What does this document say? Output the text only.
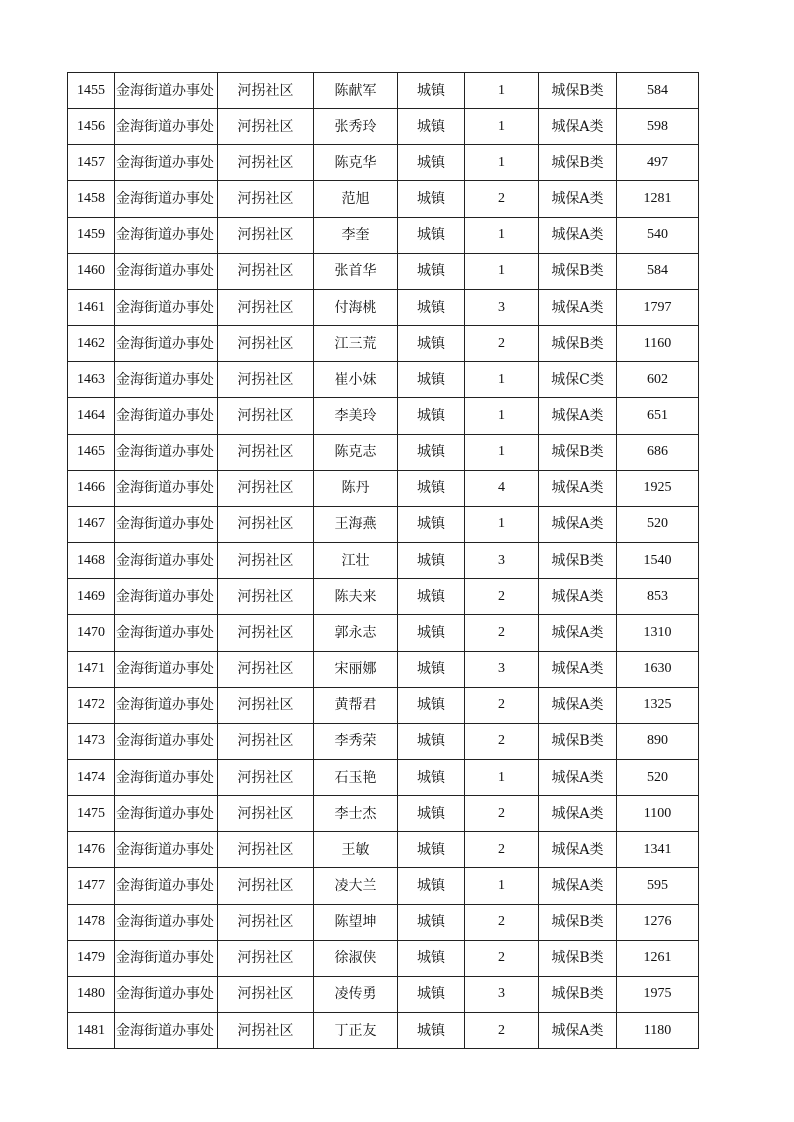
1455	金海街道办事处	河拐社区	陈献军	城镇	1	城保B类	584
1456	金海街道办事处	河拐社区	张秀玲	城镇	1	城保A类	598
1457	金海街道办事处	河拐社区	陈克华	城镇	1	城保B类	497
1458	金海街道办事处	河拐社区	范旭	城镇	2	城保A类	1281
1459	金海街道办事处	河拐社区	李奎	城镇	1	城保A类	540
1460	金海街道办事处	河拐社区	张首华	城镇	1	城保B类	584
1461	金海街道办事处	河拐社区	付海桃	城镇	3	城保A类	1797
1462	金海街道办事处	河拐社区	江三荒	城镇	2	城保B类	1160
1463	金海街道办事处	河拐社区	崔小妹	城镇	1	城保C类	602
1464	金海街道办事处	河拐社区	李美玲	城镇	1	城保A类	651
1465	金海街道办事处	河拐社区	陈克志	城镇	1	城保B类	686
1466	金海街道办事处	河拐社区	陈丹	城镇	4	城保A类	1925
1467	金海街道办事处	河拐社区	王海燕	城镇	1	城保A类	520
1468	金海街道办事处	河拐社区	江壮	城镇	3	城保B类	1540
1469	金海街道办事处	河拐社区	陈夫来	城镇	2	城保A类	853
1470	金海街道办事处	河拐社区	郭永志	城镇	2	城保A类	1310
1471	金海街道办事处	河拐社区	宋丽娜	城镇	3	城保A类	1630
1472	金海街道办事处	河拐社区	黄帮君	城镇	2	城保A类	1325
1473	金海街道办事处	河拐社区	李秀荣	城镇	2	城保B类	890
1474	金海街道办事处	河拐社区	石玉艳	城镇	1	城保A类	520
1475	金海街道办事处	河拐社区	李士杰	城镇	2	城保A类	1100
1476	金海街道办事处	河拐社区	王敏	城镇	2	城保A类	1341
1477	金海街道办事处	河拐社区	凌大兰	城镇	1	城保A类	595
1478	金海街道办事处	河拐社区	陈望坤	城镇	2	城保B类	1276
1479	金海街道办事处	河拐社区	徐淑侠	城镇	2	城保B类	1261
1480	金海街道办事处	河拐社区	凌传勇	城镇	3	城保B类	1975
1481	金海街道办事处	河拐社区	丁正友	城镇	2	城保A类	1180
